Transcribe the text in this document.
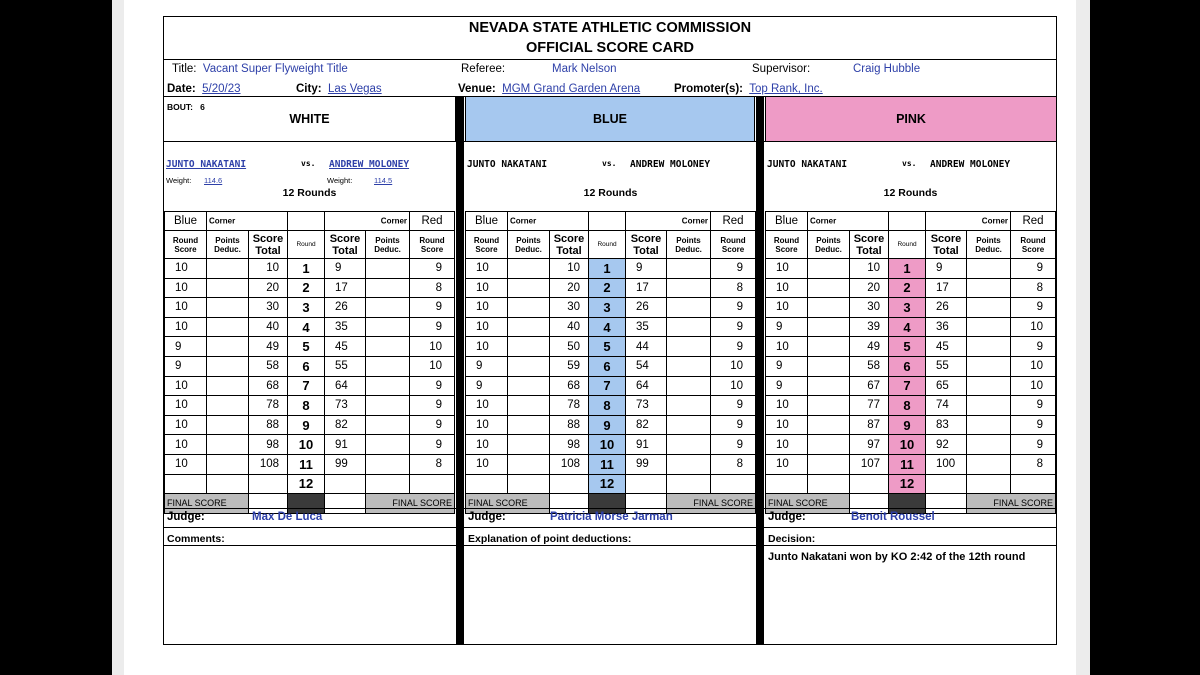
NEVADA STATE ATHLETIC COMMISSION
OFFICIAL SCORE CARD
Title: Vacant Super Flyweight Title	Referee:	Mark Nelson	Supervisor:	Craig Hubble
Date: 5/20/23	City: Las Vegas	Venue: MGM Grand Garden Arena	Promoter(s): Top Rank, Inc.
BOUT: 6
WHITE	BLUE	PINK
JUNTO NAKATANI	vs. ANDREW MOLONEY
Weight: 114.6	Weight:	114.5
12 Rounds
Blue	Corner			Corner		Red
Round Score	Points Deduc.	Score Total	Round	Score Total	Points Deduc.	Round Score
10		10	1	9		9
10		20	2	17		8
10		30	3	26		9
10		40	4	35		9
9		49	5	45		10
9		58	6	55		10
10		68	7	64		9
10		78	8	73		9
10		88	9	82		9
10		98	10	91		9
10		108	11	99		8
			12			
FINAL SCORE					FINAL SCORE	
JUNTO NAKATANI	vs. ANDREW MOLONEY
12 Rounds
Blue	Corner			Corner		Red
Round Score	Points Deduc.	Score Total	Round	Score Total	Points Deduc.	Round Score
10		10	1	9		9
10		20	2	17		8
10		30	3	26		9
10		40	4	35		9
10		50	5	44		9
9		59	6	54		10
9		68	7	64		10
10		78	8	73		9
10		88	9	82		9
10		98	10	91		9
10		108	11	99		8
			12			
FINAL SCORE					FINAL SCORE	
JUNTO NAKATANI	vs. ANDREW MOLONEY
12 Rounds
Blue	Corner			Corner		Red
Round Score	Points Deduc.	Score Total	Round	Score Total	Points Deduc.	Round Score
10		10	1	9		9
10		20	2	17		8
10		30	3	26		9
9		39	4	36		10
10		49	5	45		9
9		58	6	55		10
9		67	7	65		10
10		77	8	74		9
10		87	9	83		9
10		97	10	92		9
10		107	11	100		8
			12			
FINAL SCORE					FINAL SCORE	
Judge:	Max De Luca
Comments:
Judge:	Patricia Morse Jarman
Explanation of point deductions:
Judge:	Benoit Roussel
Decision:
Junto Nakatani won by KO 2:42 of the 12th round
